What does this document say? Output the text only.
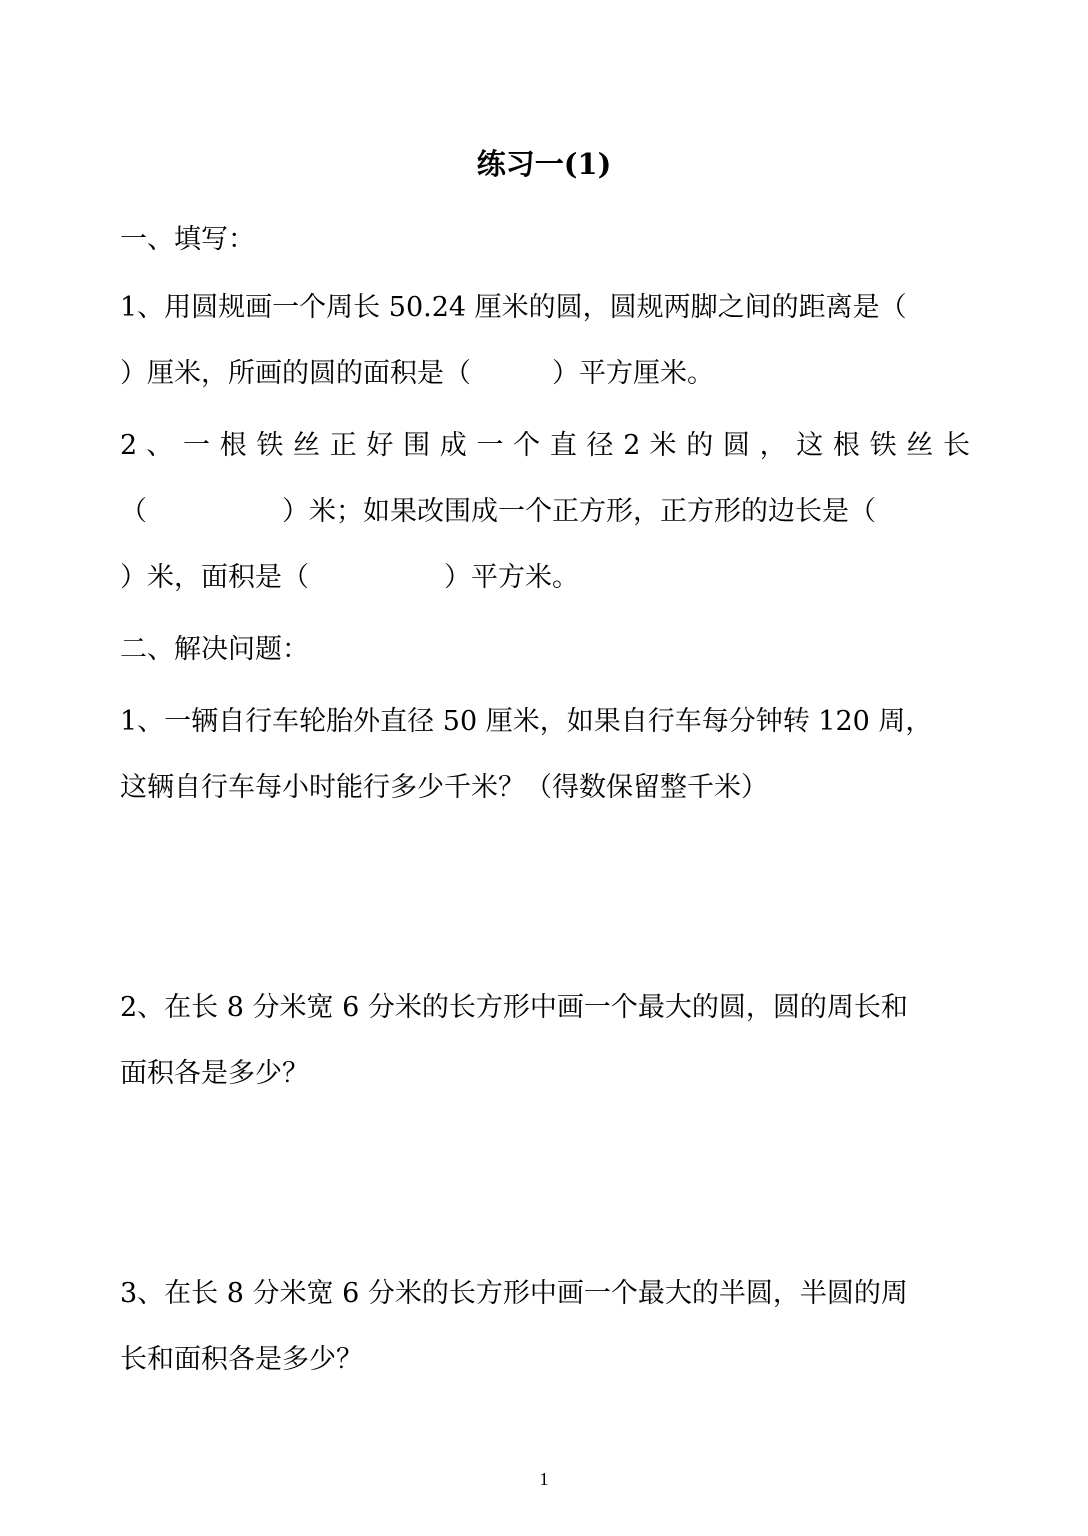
练习一(1)
一、填写：
1、用圆规画一个周长 50.24 厘米的圆，圆规两脚之间的距离是（
）厘米，所画的圆的面积是（　　　）平方厘米。
2 、 一 根 铁 丝 正 好 围 成 一 个 直 径 2 米 的 圆 ， 这 根 铁 丝 长
（　　　　　）米；如果改围成一个正方形，正方形的边长是（
）米，面积是（　　　　　）平方米。
二、解决问题：
1、一辆自行车轮胎外直径 50 厘米，如果自行车每分钟转 120 周，
这辆自行车每小时能行多少千米？（得数保留整千米）
2、在长 8 分米宽 6 分米的长方形中画一个最大的圆，圆的周长和
面积各是多少？
3、在长 8 分米宽 6 分米的长方形中画一个最大的半圆，半圆的周
长和面积各是多少？
1
